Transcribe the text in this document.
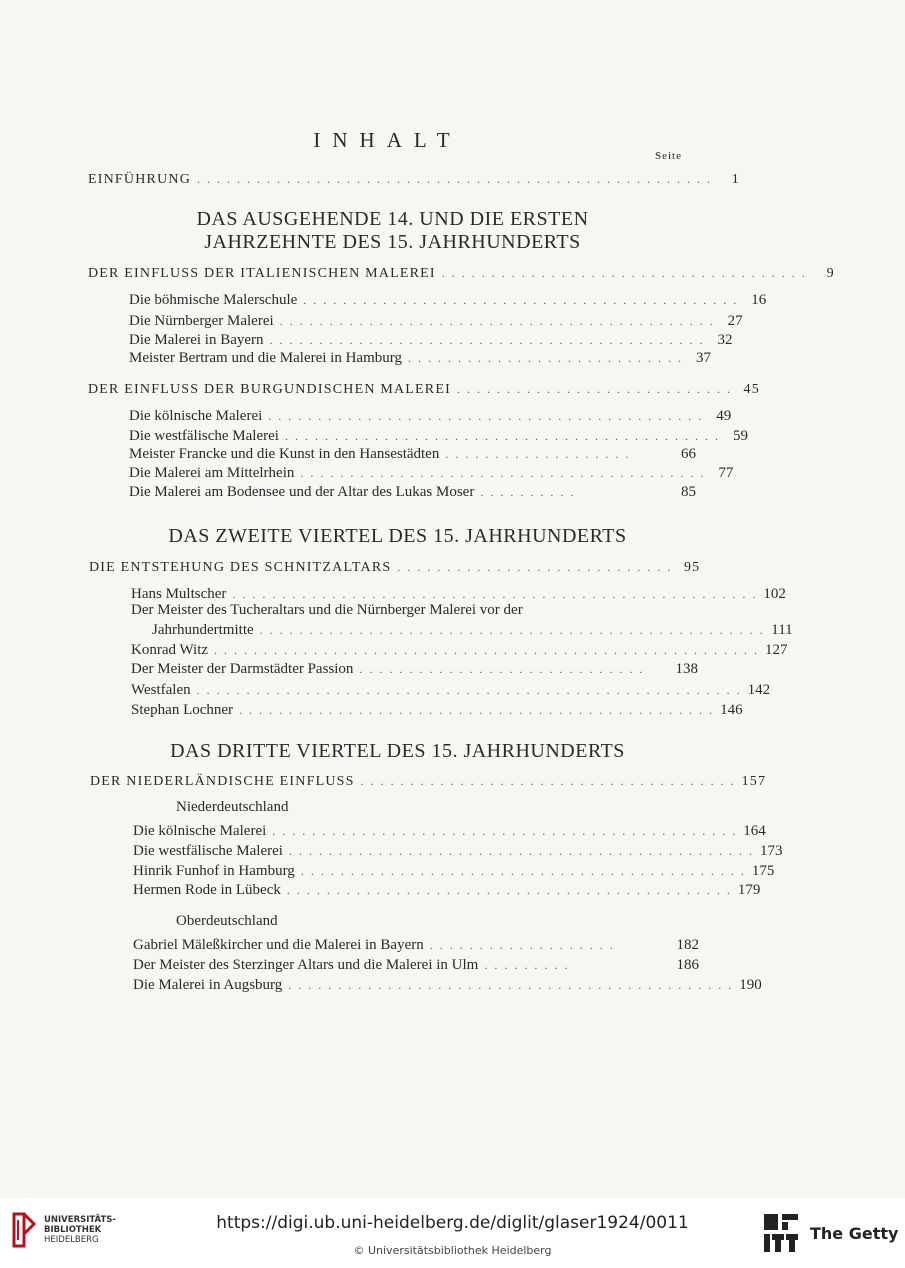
INHALT
Seite
EINFÜHRUNG . . . . . . . . . . . . . . . . . . . . . . . . . . . . . . . . . . . . . . . . . . . . . . . . . . . .	1
DAS AUSGEHENDE 14. UND DIE ERSTEN
JAHRZEHNTE DES 15. JAHRHUNDERTS
DER EINFLUSS DER ITALIENISCHEN MALEREI . . . . . . . . . . . . . . . . . . . . . . . . . . . . . . . . . . . . .	9
Die böhmische Malerschule . . . . . . . . . . . . . . . . . . . . . . . . . . . . . . . . . . . . . . . . . . . . 16
Die Nürnberger Malerei . . . . . . . . . . . . . . . . . . . . . . . . . . . . . . . . . . . . . . . . . . . . 27
Die Malerei in Bayern . . . . . . . . . . . . . . . . . . . . . . . . . . . . . . . . . . . . . . . . . . . . 32
Meister Bertram und die Malerei in Hamburg . . . . . . . . . . . . . . . . . . . . . . . . . . . . 37
DER EINFLUSS DER BURGUNDISCHEN MALEREI . . . . . . . . . . . . . . . . . . . . . . . . . . . . 45
Die kölnische Malerei . . . . . . . . . . . . . . . . . . . . . . . . . . . . . . . . . . . . . . . . . . . . 49
Die westfälische Malerei . . . . . . . . . . . . . . . . . . . . . . . . . . . . . . . . . . . . . . . . . . . . 59
Meister Francke und die Kunst in den Hansestädten . . . . . . . . . . . . . . . . . . .	66
Die Malerei am Mittelrhein . . . . . . . . . . . . . . . . . . . . . . . . . . . . . . . . . . . . . . . . . 77
Die Malerei am Bodensee und der Altar des Lukas Moser . . . . . . . . . .	85
DAS ZWEITE VIERTEL DES 15. JAHRHUNDERTS
DIE ENTSTEHUNG DES SCHNITZALTARS . . . . . . . . . . . . . . . . . . . . . . . . . . . . 95
Hans Multscher . . . . . . . . . . . . . . . . . . . . . . . . . . . . . . . . . . . . . . . . . . . . . . . . . . . . . 102
Der Meister des Tucheraltars und die Nürnberger Malerei vor der
Jahrhundertmitte . . . . . . . . . . . . . . . . . . . . . . . . . . . . . . . . . . . . . . . . . . . . . . . . . . . 111
Konrad Witz . . . . . . . . . . . . . . . . . . . . . . . . . . . . . . . . . . . . . . . . . . . . . . . . . . . . . . . 127
Der Meister der Darmstädter Passion . . . . . . . . . . . . . . . . . . . . . . . . . . . . .	138
Westfalen . . . . . . . . . . . . . . . . . . . . . . . . . . . . . . . . . . . . . . . . . . . . . . . . . . . . . . . 142
Stephan Lochner . . . . . . . . . . . . . . . . . . . . . . . . . . . . . . . . . . . . . . . . . . . . . . . . 146
DAS DRITTE VIERTEL DES 15. JAHRHUNDERTS
DER NIEDERLÄNDISCHE EINFLUSS . . . . . . . . . . . . . . . . . . . . . . . . . . . . . . . . . . . . . . 157
Niederdeutschland
Die kölnische Malerei . . . . . . . . . . . . . . . . . . . . . . . . . . . . . . . . . . . . . . . . . . . . . . . 164
Die westfälische Malerei . . . . . . . . . . . . . . . . . . . . . . . . . . . . . . . . . . . . . . . . . . . . . . . 173
Hinrik Funhof in Hamburg . . . . . . . . . . . . . . . . . . . . . . . . . . . . . . . . . . . . . . . . . . . . . 175
Hermen Rode in Lübeck . . . . . . . . . . . . . . . . . . . . . . . . . . . . . . . . . . . . . . . . . . . . . 179
Oberdeutschland
Gabriel Mäleßkircher und die Malerei in Bayern . . . . . . . . . . . . . . . . . . .	182
Der Meister des Sterzinger Altars und die Malerei in Ulm . . . . . . . . .	186
Die Malerei in Augsburg . . . . . . . . . . . . . . . . . . . . . . . . . . . . . . . . . . . . . . . . . . . . . 190
UNIVERSITÄTS-
BIBLIOTHEK
HEIDELBERG
https://digi.ub.uni-heidelberg.de/diglit/glaser1924/0011
© Universitätsbibliothek Heidelberg
The Getty
